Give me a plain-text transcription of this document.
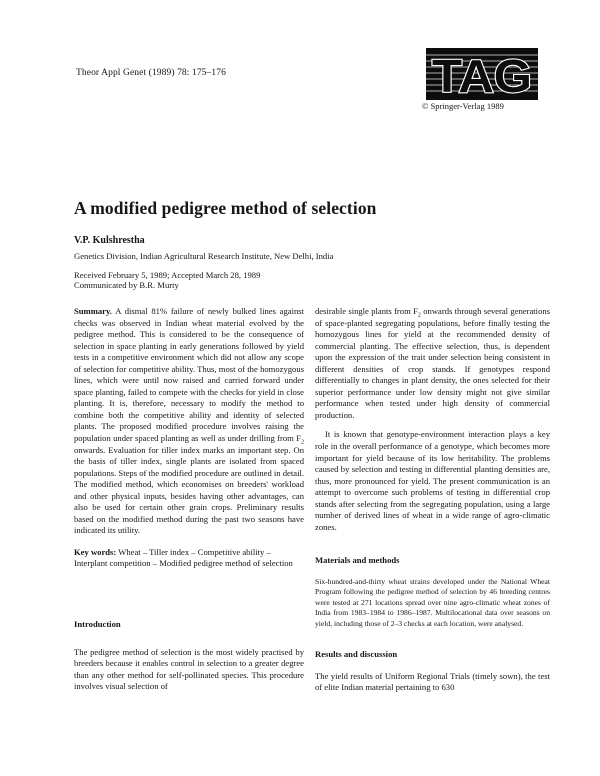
Theor Appl Genet (1989) 78: 175–176	TAG
© Springer-Verlag 1989
A modified pedigree method of selection
V.P. Kulshrestha
Genetics Division, Indian Agricultural Research Institute, New Delhi, India
Received February 5, 1989; Accepted March 28, 1989
Communicated by B.R. Murty

Summary. A dismal 81% failure of newly bulked lines against checks was observed in Indian wheat material evolved by the pedigree method. This is considered to be the consequence of selection in space planting in early generations followed by yield tests in a competitive environment which did not allow any scope of selection for competitive ability. Thus, most of the homozygous lines, which were until now raised and carried forward under space planting, failed to compete with the checks for yield in close planting. It is, therefore, necessary to modify the method to combine both the competitive ability and identity of selected plants. The proposed modified procedure involves raising the population under spaced planting as well as under drilling from $F_2$ onwards. Evaluation for tiller index marks an important step. On the basis of tiller index, single plants are isolated from spaced populations. Steps of the modified procedure are outlined in detail. The modified method, which economises on breeders' workload and other physical inputs, besides having other advantages, can also be used for certain other grain crops. Preliminary results based on the modified method during the past two seasons have indicated its utility.

Key words: Wheat – Tiller index – Competitive ability – Interplant competition – Modified pedigree method of selection

Introduction

The pedigree method of selection is the most widely practised by breeders because it enables control in selection to a greater degree than any other method for self-pollinated species. This procedure involves visual selection of

desirable single plants from $F_2$ onwards through several generations of space-planted segregating populations, before finally testing the homozygous lines for yield at the recommended density of commercial planting. The effective selection, thus, is dependent upon the expression of the trait under selection being consistent in different densities of crop stands. If genotypes respond differentially to changes in plant density, the ones selected for their superior performance under low density might not give similar performance when tested under high density of commercial production.

It is known that genotype-environment interaction plays a key role in the overall performance of a genotype, which becomes more important for yield because of its low heritability. The problems caused by selection and testing in differential planting densities are, thus, more pronounced for yield. The present communication is an attempt to overcome such problems of testing in differential crop stands after selecting from the segregating population, using a large number of derived lines of wheat in a wide range of agro-climatic zones.

Materials and methods

Six-hundred-and-thirty wheat strains developed under the National Wheat Program following the pedigree method of selection by 46 breeding centres were tested at 271 locations spread over nine agro-climatic wheat zones of India from 1983–1984 to 1986–1987. Multilocational data over seasons on yield, including those of 2–3 checks at each location, were analysed.

Results and discussion

The yield results of Uniform Regional Trials (timely sown), the test of elite Indian material pertaining to 630
